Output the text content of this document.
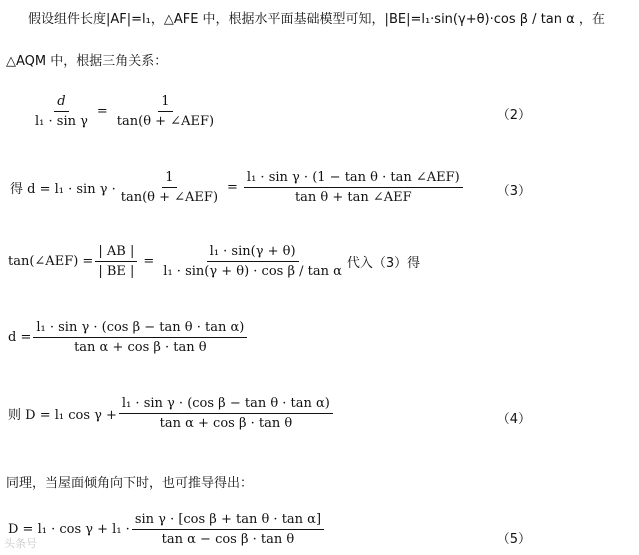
假设组件长度|AF|=l₁，△AFE 中，根据水平面基础模型可知，|BE|=l₁·sin(γ+θ)·cos β / tan α ，在
△AQM 中，根据三角关系：
$\frac{d}{\text{l₁ · sin γ}} = \frac{1}{\text{tan(θ + ∠AEF)}}$	（2）
得 $d = l_1 \cdot \sin \gamma \cdot \frac{1}{\text{tan(θ + ∠AEF)}} = \frac{\text{l₁ · sin γ · (1 − tan θ · tan ∠AEF)}}{\text{tan θ + tan ∠AEF}}$	（3）
tan(∠AEF) = $\frac{| AB |}{| BE |} = \frac{\text{l₁ · sin(γ + θ)}}{\text{l₁ · sin(γ + θ) · cos β / tan α}}$ 代入（3）得
$d = \frac{\text{l₁ · sin γ · (cos β − tan θ · tan α)}}{\text{tan α + cos β · tan θ}}$
则 D = l₁ $\cos \gamma + \frac{\text{l₁ · sin γ · (cos β − tan θ · tan α)}}{\text{tan α + cos β · tan θ}}$	（4）
同理，当屋面倾角向下时，也可推导得出：
$D = l_1 \cdot \cos \gamma + l_1 \cdot \frac{\text{sin γ · [cos β + tan θ · tan α]}}{\text{tan α − cos β · tan θ}}$	（5）
头条号
